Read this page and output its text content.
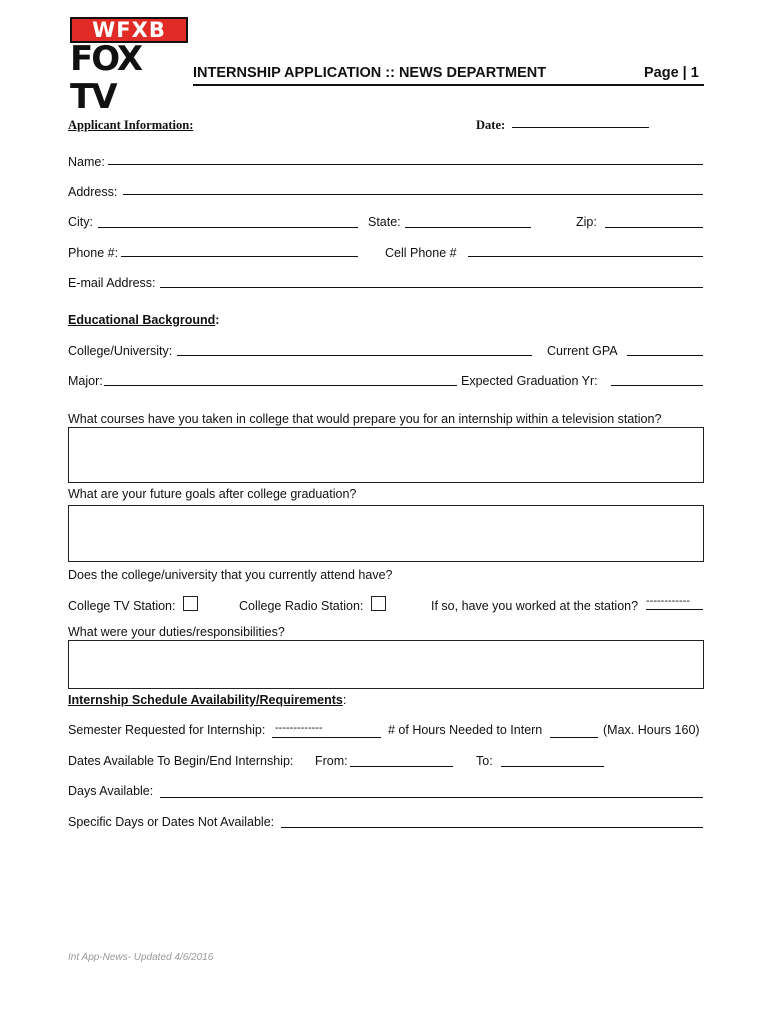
WFXB
FOX TV
INTERNSHIP APPLICATION :: NEWS DEPARTMENT	Page | 1
Applicant Information:	Date:
Name:
Address:
City:	State:	Zip:
Phone #:	Cell Phone #
E-mail Address:
Educational Background:
College/University:	Current GPA
Major:	Expected Graduation Yr:
What courses have you taken in college that would prepare you for an internship within a television station?
What are your future goals after college graduation?
Does the college/university that you currently attend have?
College TV Station:	College Radio Station:	If so, have you worked at the station? ------------
What were your duties/responsibilities?
Internship Schedule Availability/Requirements:
Semester Requested for Internship: -------------	# of Hours Needed to Intern	(Max. Hours 160)
Dates Available To Begin/End Internship: From:	To:
Days Available:
Specific Days or Dates Not Available:
Int App-News- Updated 4/6/2016
